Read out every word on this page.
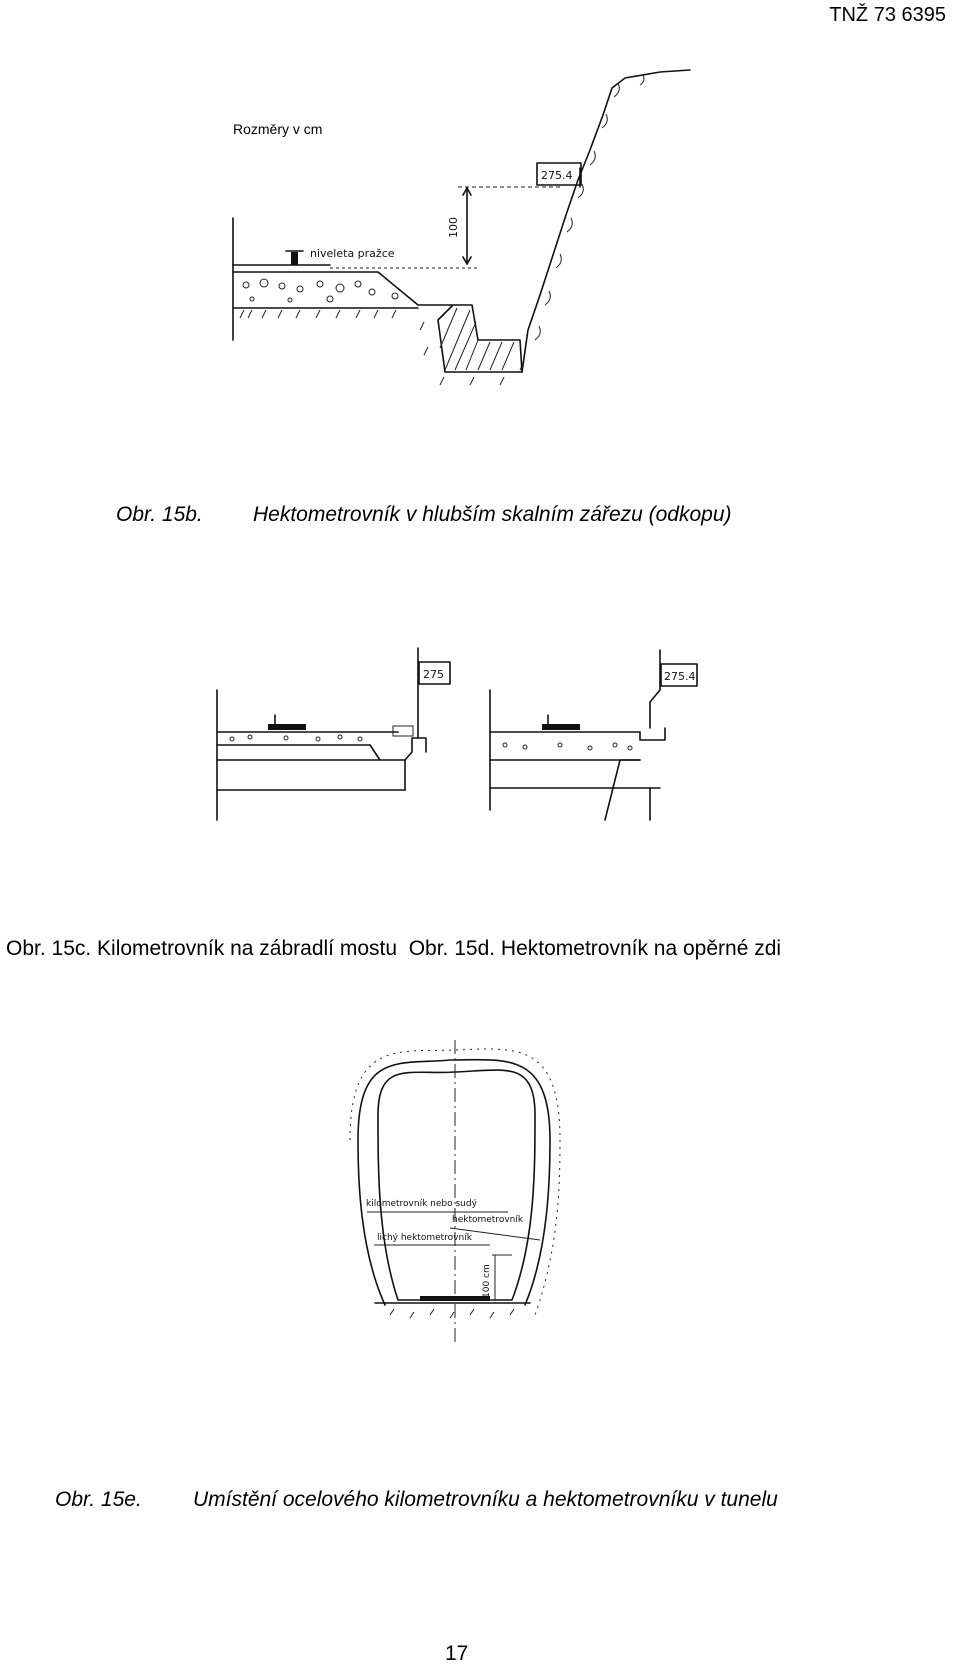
TNŽ 73 6395
Rozměry v cm
100
275.4
niveleta pražce
275	275.4
kilometrovník nebo sudý
hektometrovník
lichý hektometrovník
100 cm
Obr. 15b. Hektometrovník v hlubším skalním zářezu (odkopu)
Obr. 15c. Kilometrovník na zábradlí mostu Obr. 15d. Hektometrovník na opěrné zdi
Obr. 15e. Umístění ocelového kilometrovníku a hektometrovníku v tunelu
17
